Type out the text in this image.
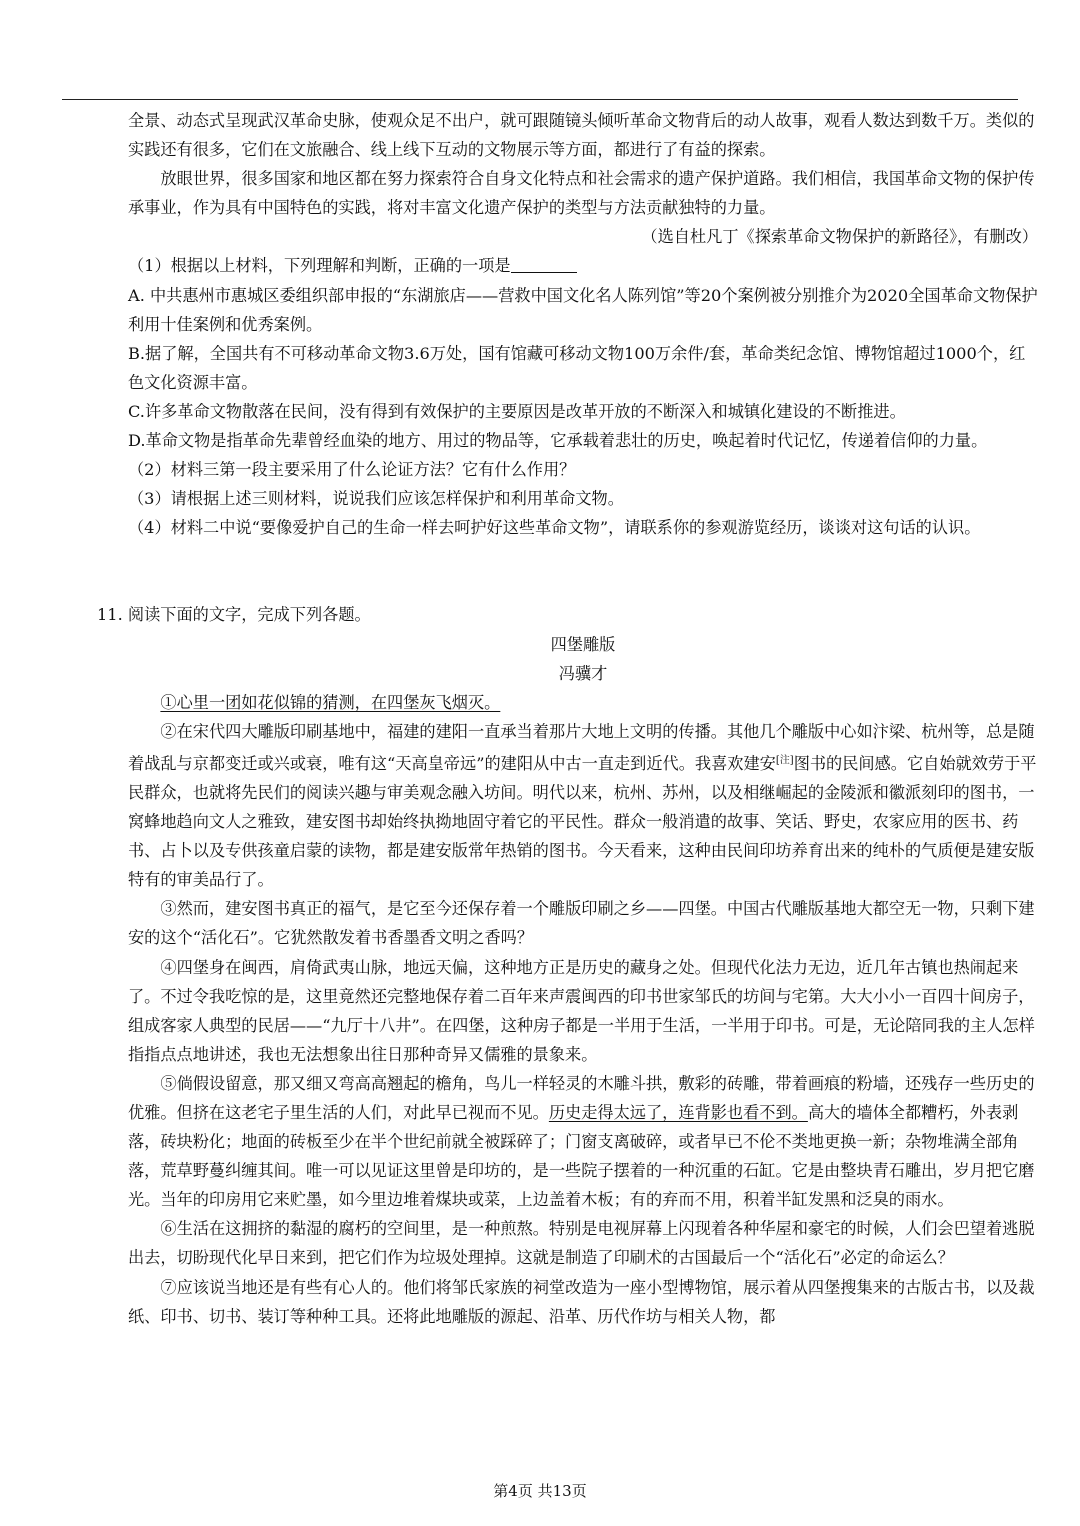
全景、动态式呈现武汉革命史脉，使观众足不出户，就可跟随镜头倾听革命文物背后的动人故事，观看人数达到数千万。类似的实践还有很多，它们在文旅融合、线上线下互动的文物展示等方面，都进行了有益的探索。

放眼世界，很多国家和地区都在努力探索符合自身文化特点和社会需求的遗产保护道路。我们相信，我国革命文物的保护传承事业，作为具有中国特色的实践，将对丰富文化遗产保护的类型与方法贡献独特的力量。

（选自杜凡丁《探索革命文物保护的新路径》，有删改）

（1）根据以上材料，下列理解和判断，正确的一项是

A. 中共惠州市惠城区委组织部申报的“东湖旅店——营救中国文化名人陈列馆”等20个案例被分别推介为2020全国革命文物保护利用十佳案例和优秀案例。

B.据了解，全国共有不可移动革命文物3.6万处，国有馆藏可移动文物100万余件/套，革命类纪念馆、博物馆超过1000个，红色文化资源丰富。

C.许多革命文物散落在民间，没有得到有效保护的主要原因是改革开放的不断深入和城镇化建设的不断推进。

D.革命文物是指革命先辈曾经血染的地方、用过的物品等，它承载着悲壮的历史，唤起着时代记忆，传递着信仰的力量。

（2）材料三第一段主要采用了什么论证方法？它有什么作用？

（3）请根据上述三则材料，说说我们应该怎样保护和利用革命文物。

（4）材料二中说“要像爱护自己的生命一样去呵护好这些革命文物”，请联系你的参观游览经历，谈谈对这句话的认识。

11. 阅读下面的文字，完成下列各题。

四堡雕版

冯骥才

①心里一团如花似锦的猜测，在四堡灰飞烟灭。

②在宋代四大雕版印刷基地中，福建的建阳一直承当着那片大地上文明的传播。其他几个雕版中心如汴梁、杭州等，总是随着战乱与京都变迁或兴或衰，唯有这“天高皇帝远”的建阳从中古一直走到近代。我喜欢建安[注]图书的民间感。它自始就效劳于平民群众，也就将先民们的阅读兴趣与审美观念融入坊间。明代以来，杭州、苏州，以及相继崛起的金陵派和徽派刻印的图书，一窝蜂地趋向文人之雅致，建安图书却始终执拗地固守着它的平民性。群众一般消遣的故事、笑话、野史，农家应用的医书、药书、占卜以及专供孩童启蒙的读物，都是建安版常年热销的图书。今天看来，这种由民间印坊养育出来的纯朴的气质便是建安版特有的审美品行了。

③然而，建安图书真正的福气，是它至今还保存着一个雕版印刷之乡——四堡。中国古代雕版基地大都空无一物，只剩下建安的这个“活化石”。它犹然散发着书香墨香文明之香吗？

④四堡身在闽西，肩倚武夷山脉，地远天偏，这种地方正是历史的藏身之处。但现代化法力无边，近几年古镇也热闹起来了。不过令我吃惊的是，这里竟然还完整地保存着二百年来声震闽西的印书世家邹氏的坊间与宅第。大大小小一百四十间房子，组成客家人典型的民居——“九厅十八井”。在四堡，这种房子都是一半用于生活，一半用于印书。可是，无论陪同我的主人怎样指指点点地讲述，我也无法想象出往日那种奇异又儒雅的景象来。

⑤倘假设留意，那又细又弯高高翘起的檐角，鸟儿一样轻灵的木雕斗拱，敷彩的砖雕，带着画痕的粉墙，还残存一些历史的优雅。但挤在这老宅子里生活的人们，对此早已视而不见。历史走得太远了，连背影也看不到。高大的墙体全都糟朽，外表剥落，砖块粉化；地面的砖板至少在半个世纪前就全被踩碎了；门窗支离破碎，或者早已不伦不类地更换一新；杂物堆满全部角落，荒草野蔓纠缠其间。唯一可以见证这里曾是印坊的，是一些院子摆着的一种沉重的石缸。它是由整块青石雕出，岁月把它磨光。当年的印房用它来贮墨，如今里边堆着煤块或菜，上边盖着木板；有的弃而不用，积着半缸发黑和泛臭的雨水。

⑥生活在这拥挤的黏湿的腐朽的空间里，是一种煎熬。特别是电视屏幕上闪现着各种华屋和豪宅的时候，人们会巴望着逃脱出去，切盼现代化早日来到，把它们作为垃圾处理掉。这就是制造了印刷术的古国最后一个“活化石”必定的命运么？

⑦应该说当地还是有些有心人的。他们将邹氏家族的祠堂改造为一座小型博物馆，展示着从四堡搜集来的古版古书，以及裁纸、印书、切书、装订等种种工具。还将此地雕版的源起、沿革、历代作坊与相关人物，都

第4页 共13页
